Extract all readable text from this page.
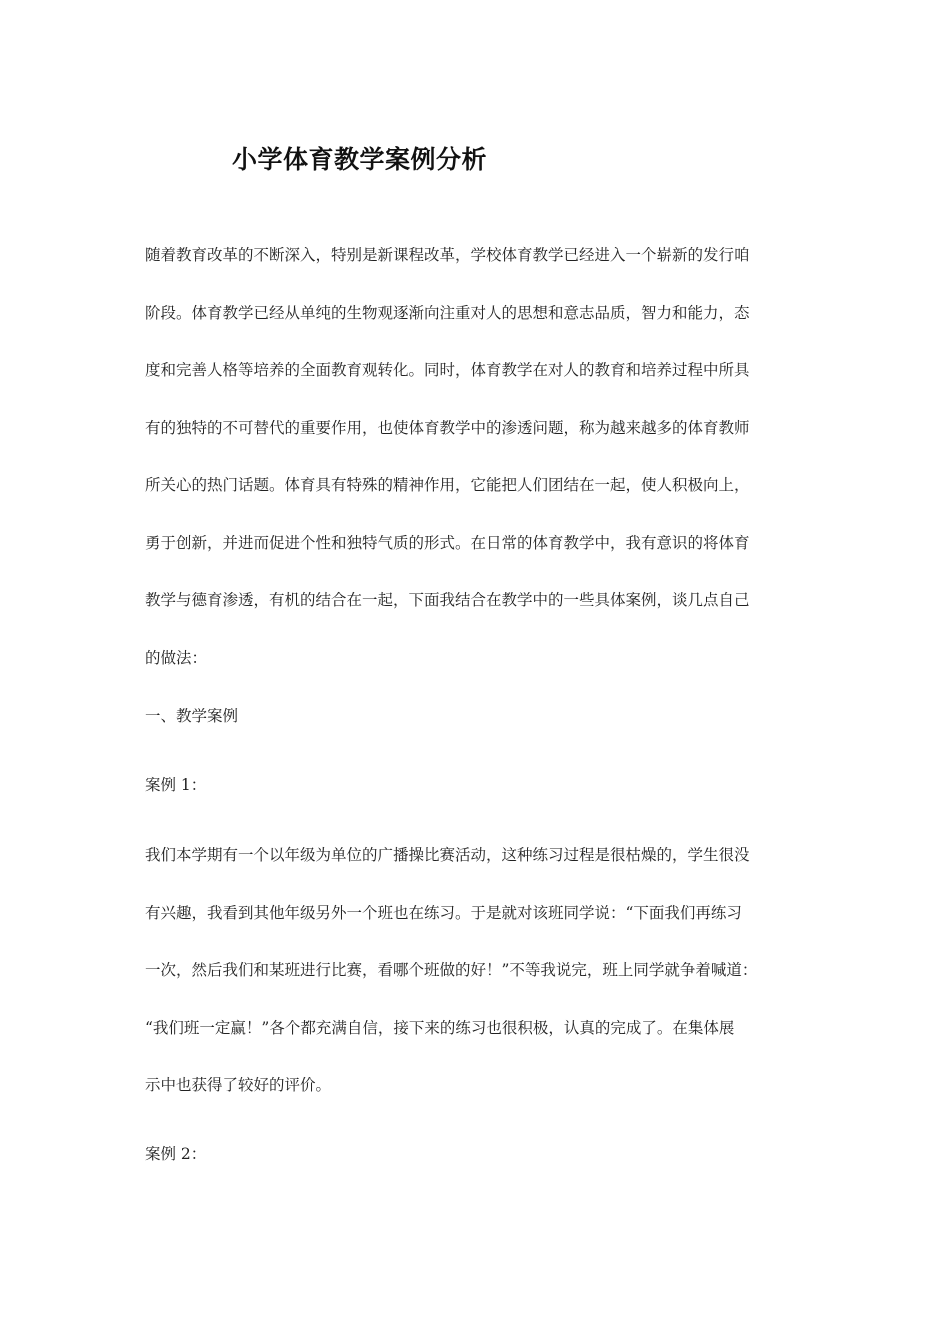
小学体育教学案例分析
随着教育改革的不断深入，特别是新课程改革，学校体育教学已经进入一个崭新的发行咱
阶段。体育教学已经从单纯的生物观逐渐向注重对人的思想和意志品质，智力和能力，态
度和完善人格等培养的全面教育观转化。同时，体育教学在对人的教育和培养过程中所具
有的独特的不可替代的重要作用，也使体育教学中的渗透问题，称为越来越多的体育教师
所关心的热门话题。体育具有特殊的精神作用，它能把人们团结在一起，使人积极向上，
勇于创新，并进而促进个性和独特气质的形式。在日常的体育教学中，我有意识的将体育
教学与德育渗透，有机的结合在一起，下面我结合在教学中的一些具体案例，谈几点自己
的做法：
一、教学案例
案例 1：
我们本学期有一个以年级为单位的广播操比赛活动，这种练习过程是很枯燥的，学生很没
有兴趣，我看到其他年级另外一个班也在练习。于是就对该班同学说：“下面我们再练习
一次，然后我们和某班进行比赛，看哪个班做的好！”不等我说完，班上同学就争着喊道：
“我们班一定赢！”各个都充满自信，接下来的练习也很积极，认真的完成了。在集体展
示中也获得了较好的评价。
案例 2：
